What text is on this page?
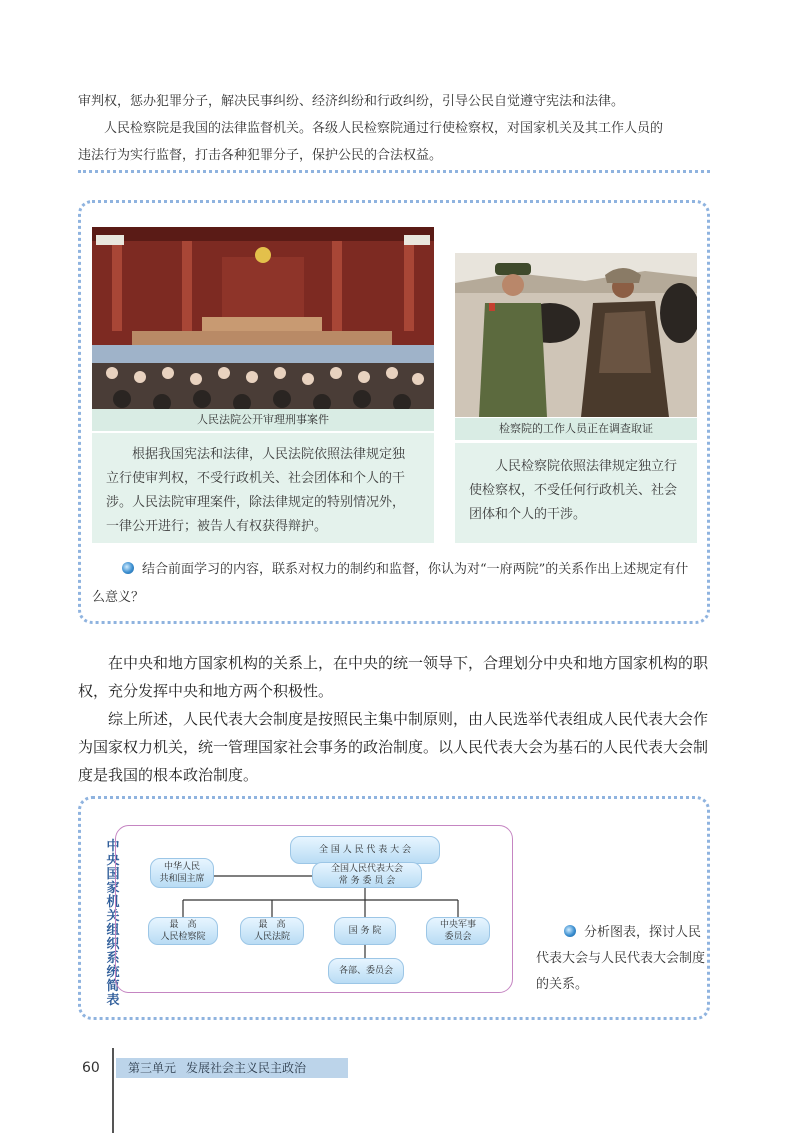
审判权，惩办犯罪分子，解决民事纠纷、经济纠纷和行政纠纷，引导公民自觉遵守宪法和法律。
　　人民检察院是我国的法律监督机关。各级人民检察院通过行使检察权，对国家机关及其工作人员的
违法行为实行监督，打击各种犯罪分子，保护公民的合法权益。
人民法院公开审理刑事案件
检察院的工作人员正在调查取证
根据我国宪法和法律，人民法院依照法律规定独立行使审判权，不受行政机关、社会团体和个人的干涉。人民法院审理案件，除法律规定的特别情况外，一律公开进行；被告人有权获得辩护。
人民检察院依照法律规定独立行使检察权，不受任何行政机关、社会团体和个人的干涉。
结合前面学习的内容，联系对权力的制约和监督，你认为对“一府两院”的关系作出上述规定有什么意义？
　　在中央和地方国家机构的关系上，在中央的统一领导下，合理划分中央和地方国家机构的职权，充分发挥中央和地方两个积极性。
　　综上所述，人民代表大会制度是按照民主集中制原则，由人民选举代表组成人民代表大会作为国家权力机关，统一管理国家社会事务的政治制度。以人民代表大会为基石的人民代表大会制度是我国的根本政治制度。
中央国家机关组织系统简表
全 国 人 民 代 表 大 会
全国人民代表大会
常 务 委 员 会
中华人民
共和国主席
最　高
人民检察院
最　高
人民法院
国 务 院
中央军事
委员会
各部、委员会
分析图表，探讨人民代表大会与人民代表大会制度的关系。
60	第三单元 发展社会主义民主政治
